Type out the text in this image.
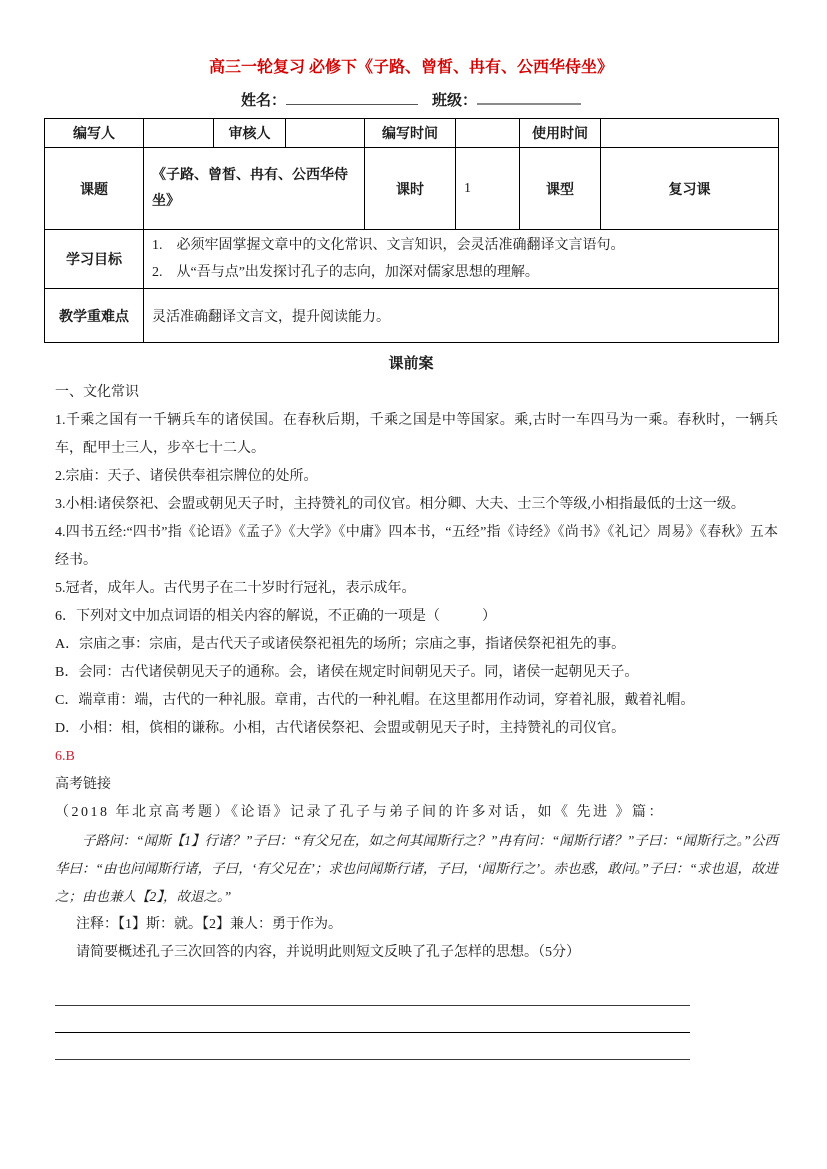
高三一轮复习 必修下《子路、曾皙、冉有、公西华侍坐》
姓名：	班级：
编写人		审核人		编写时间		使用时间	
课题	《子路、曾皙、冉有、公西华侍坐》			课时	1	课型	复习课
学习目标	1.　必须牢固掌握文章中的文化常识、文言知识，会灵活准确翻译文言语句。
2.　从“吾与点”出发探讨孔子的志向，加深对儒家思想的理解。						

教学重难点	灵活准确翻译文言文，提升阅读能力。						
课前案

一、文化常识

1.千乘之国有一千辆兵车的诸侯国。在春秋后期，千乘之国是中等国家。乘,古时一车四马为一乘。春秋时，一辆兵车，配甲士三人，步卒七十二人。

2.宗庙：天子、诸侯供奉祖宗牌位的处所。

3.小相:诸侯祭祀、会盟或朝见天子时，主持赞礼的司仪官。相分卿、大夫、士三个等级,小相指最低的士这一级。

4.四书五经:“四书”指《论语》《孟子》《大学》《中庸》四本书，“五经”指《诗经》《尚书》《礼记〉周易》《春秋》五本经书。

5.冠者，成年人。古代男子在二十岁时行冠礼，表示成年。

6．下列对文中加点词语的相关内容的解说，不正确的一项是（　　　）

A．宗庙之事：宗庙，是古代天子或诸侯祭祀祖先的场所；宗庙之事，指诸侯祭祀祖先的事。

B．会同：古代诸侯朝见天子的通称。会，诸侯在规定时间朝见天子。同，诸侯一起朝见天子。

C．端章甫：端，古代的一种礼服。章甫，古代的一种礼帽。在这里都用作动词，穿着礼服，戴着礼帽。

D．小相：相，傧相的谦称。小相，古代诸侯祭祀、会盟或朝见天子时，主持赞礼的司仪官。

6.B

高考链接

（2018 年北京高考题）《论语》记录了孔子与弟子间的许多对话，如《 先进 》篇：

子路问：“闻斯【1】行诸？”子曰：“有父兄在，如之何其闻斯行之？”冉有问：“闻斯行诸？”子曰：“闻斯行之。”公西华曰：“由也问闻斯行诸，子曰，‘有父兄在’；求也问闻斯行诸，子曰，‘闻斯行之’。赤也惑，敢问。”子曰：“求也退，故进之；由也兼人【2】，故退之。”

注释：【1】斯：就。【2】兼人：勇于作为。

请简要概述孔子三次回答的内容，并说明此则短文反映了孔子怎样的思想。（5分）
